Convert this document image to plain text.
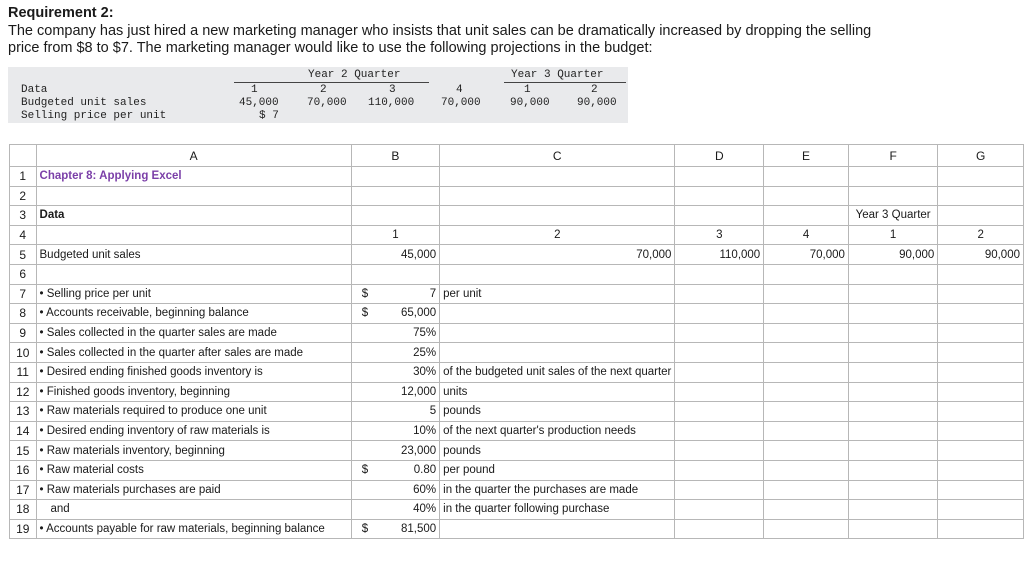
Requirement 2:

The company has just hired a new marketing manager who insists that unit sales can be dramatically increased by dropping the selling
price from $8 to $7. The marketing manager would like to use the following projections in the budget:

Year 2 Quarter	Year 3 Quarter
Data	1	2	3	4	1	2
Budgeted unit sales	45,000	70,000 110,000 70,000	90,000 90,000
Selling price per unit	$ 7
	A	B	C	D	E	F	G
1	Chapter 8: Applying Excel						
2							
3	Data					Year 3 Quarter	
4		1	2	3	4	1	2
5	Budgeted unit sales	45,000	70,000	110,000	70,000	90,000	90,000
6							
7	• Selling price per unit	$ 7	per unit				
8	• Accounts receivable, beginning balance	$ 65,000					
9	• Sales collected in the quarter sales are made	75%					
10	• Sales collected in the quarter after sales are made	25%					
11	• Desired ending finished goods inventory is	30%	of the budgeted unit sales of the next quarter				
12	• Finished goods inventory, beginning	12,000	units				
13	• Raw materials required to produce one unit	5	pounds				
14	• Desired ending inventory of raw materials is	10%	of the next quarter's production needs				
15	• Raw materials inventory, beginning	23,000	pounds				
16	• Raw material costs	$ 0.80	per pound				
17	• Raw materials purchases are paid	60%	in the quarter the purchases are made				
18	and	40%	in the quarter following purchase				
19	• Accounts payable for raw materials, beginning balance	$ 81,500					
